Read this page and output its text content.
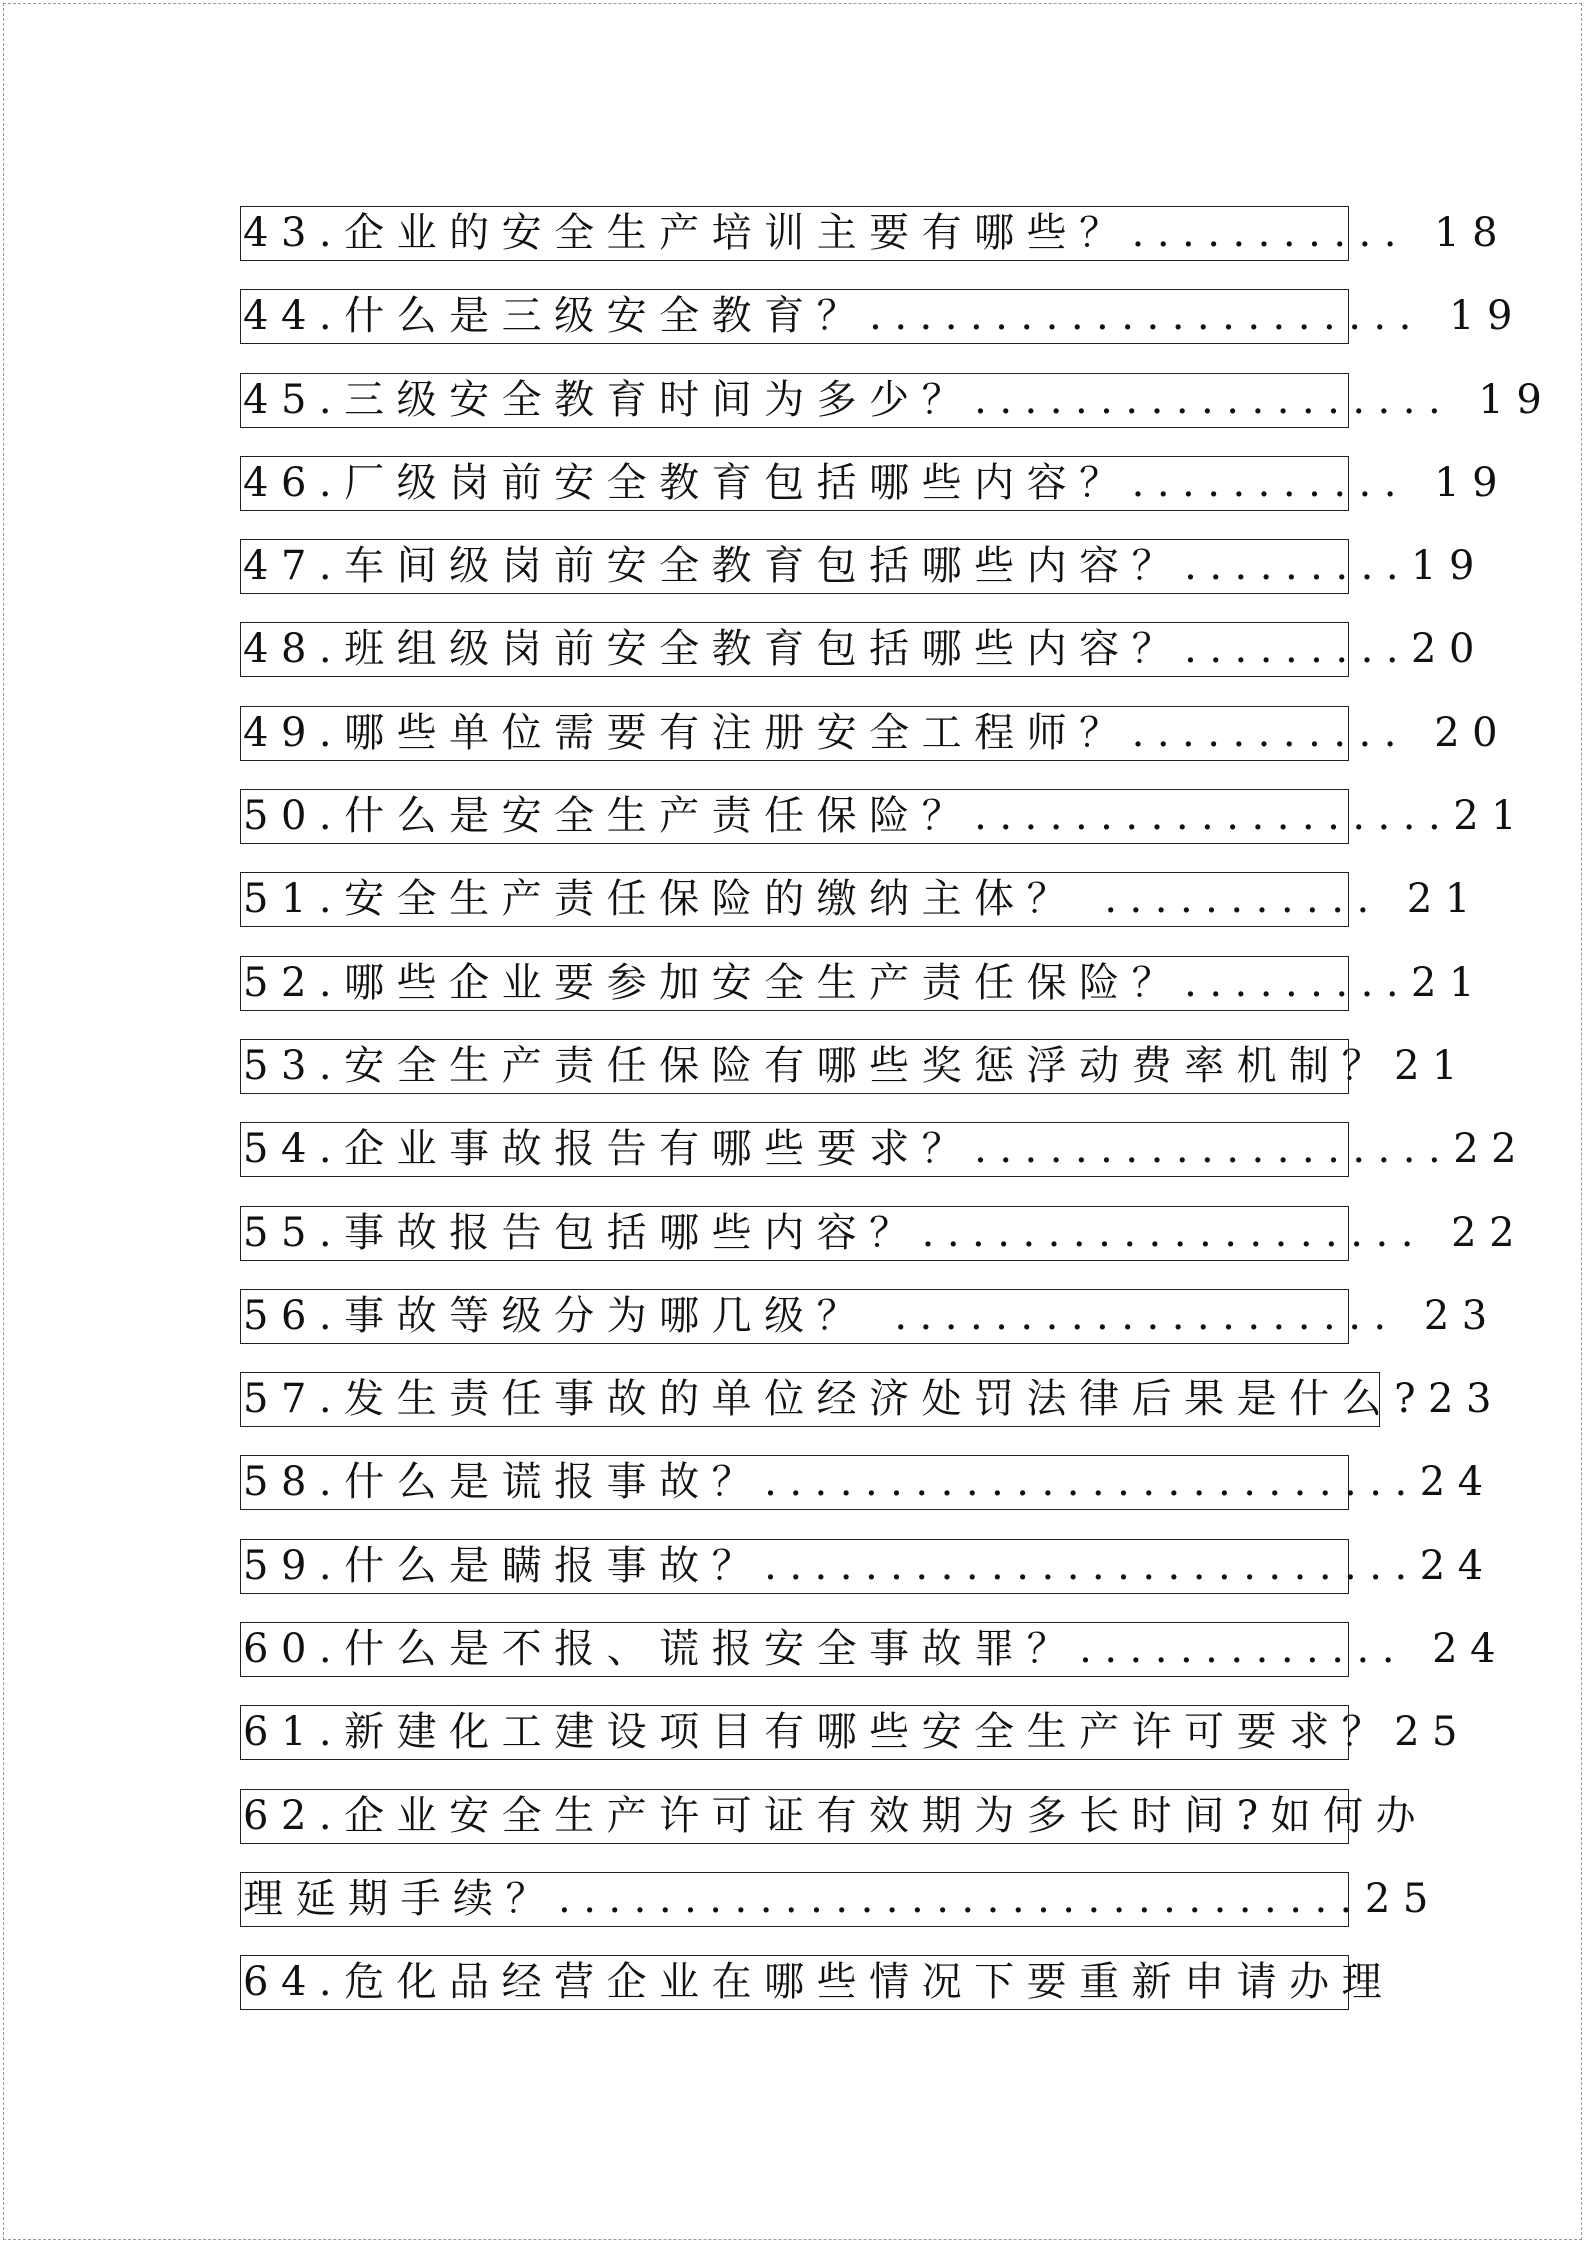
43.企业的安全生产培训主要有哪些？........... 18
44.什么是三级安全教育？...................... 19
45.三级安全教育时间为多少？................... 19
46.厂级岗前安全教育包括哪些内容？........... 19
47.车间级岗前安全教育包括哪些内容？.........19
48.班组级岗前安全教育包括哪些内容？.........20
49.哪些单位需要有注册安全工程师？........... 20
50.什么是安全生产责任保险？...................21
51.安全生产责任保险的缴纳主体？ ........... 21
52.哪些企业要参加安全生产责任保险？.........21
53.安全生产责任保险有哪些奖惩浮动费率机制？21
54.企业事故报告有哪些要求？...................22
55.事故报告包括哪些内容？.................... 22
56.事故等级分为哪几级？ .................... 23
57.发生责任事故的单位经济处罚法律后果是什么?23
58.什么是谎报事故？..........................24
59.什么是瞒报事故？..........................24
60.什么是不报、谎报安全事故罪？............. 24
61.新建化工建设项目有哪些安全生产许可要求？25
62.企业安全生产许可证有效期为多长时间?如何办
理延期手续？................................25
64.危化品经营企业在哪些情况下要重新申请办理
